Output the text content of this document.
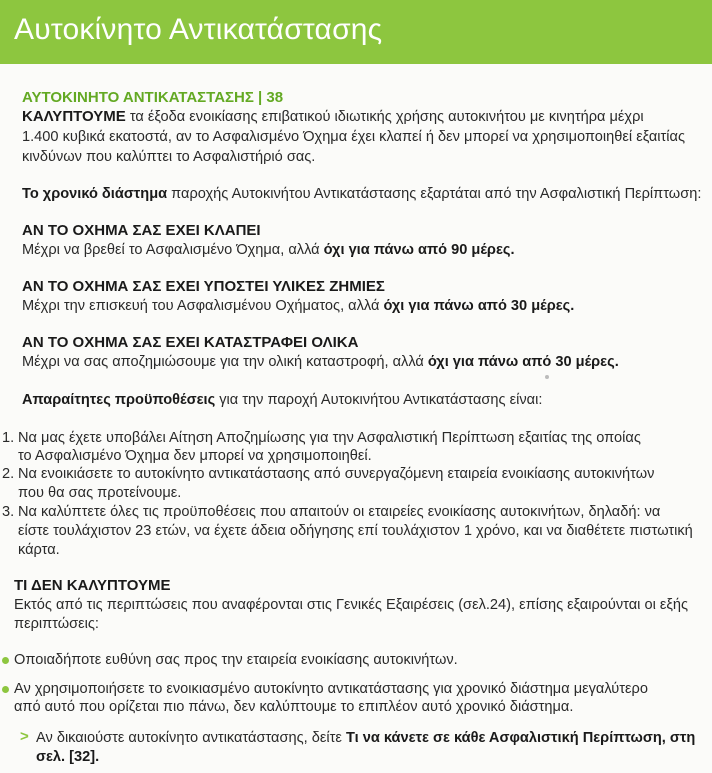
Αυτοκίνητο Αντικατάστασης
ΑΥΤΟΚΙΝΗΤΟ ΑΝΤΙΚΑΤΑΣΤΑΣΗΣ | 38
ΚΑΛΥΠΤΟΥΜΕ τα έξοδα ενοικίασης επιβατικού ιδιωτικής χρήσης αυτοκινήτου με κινητήρα μέχρι
1.400 κυβικά εκατοστά, αν το Ασφαλισμένο Όχημα έχει κλαπεί ή δεν μπορεί να χρησιμοποιηθεί εξαιτίας
κινδύνων που καλύπτει το Ασφαλιστήριό σας.
Το χρονικό διάστημα παροχής Αυτοκινήτου Αντικατάστασης εξαρτάται από την Ασφαλιστική Περίπτωση:
ΑΝ ΤΟ ΟΧΗΜΑ ΣΑΣ ΕΧΕΙ ΚΛΑΠΕΙ
Μέχρι να βρεθεί το Ασφαλισμένο Όχημα, αλλά όχι για πάνω από 90 μέρες.
ΑΝ ΤΟ ΟΧΗΜΑ ΣΑΣ ΕΧΕΙ ΥΠΟΣΤΕΙ ΥΛΙΚΕΣ ΖΗΜΙΕΣ
Μέχρι την επισκευή του Ασφαλισμένου Οχήματος, αλλά όχι για πάνω από 30 μέρες.
ΑΝ ΤΟ ΟΧΗΜΑ ΣΑΣ ΕΧΕΙ ΚΑΤΑΣΤΡΑΦΕΙ ΟΛΙΚΑ
Μέχρι να σας αποζημιώσουμε για την ολική καταστροφή, αλλά όχι για πάνω από 30 μέρες.
Απαραίτητες προϋποθέσεις για την παροχή Αυτοκινήτου Αντικατάστασης είναι:
1. Να μας έχετε υποβάλει Αίτηση Αποζημίωσης για την Ασφαλιστική Περίπτωση εξαιτίας της οποίας
το Ασφαλισμένο Όχημα δεν μπορεί να χρησιμοποιηθεί.
2. Να ενοικιάσετε το αυτοκίνητο αντικατάστασης από συνεργαζόμενη εταιρεία ενοικίασης αυτοκινήτων
που θα σας προτείνουμε.
3. Να καλύπτετε όλες τις προϋποθέσεις που απαιτούν οι εταιρείες ενοικίασης αυτοκινήτων, δηλαδή: να
είστε τουλάχιστον 23 ετών, να έχετε άδεια οδήγησης επί τουλάχιστον 1 χρόνο, και να διαθέτετε πιστωτική
κάρτα.
ΤΙ ΔΕΝ ΚΑΛΥΠΤΟΥΜΕ
Εκτός από τις περιπτώσεις που αναφέρονται στις Γενικές Εξαιρέσεις (σελ.24), επίσης εξαιρούνται οι εξής
περιπτώσεις:
Οποιαδήποτε ευθύνη σας προς την εταιρεία ενοικίασης αυτοκινήτων.
Αν χρησιμοποιήσετε το ενοικιασμένο αυτοκίνητο αντικατάστασης για χρονικό διάστημα μεγαλύτερο
από αυτό που ορίζεται πιο πάνω, δεν καλύπτουμε το επιπλέον αυτό χρονικό διάστημα.
> Αν δικαιούστε αυτοκίνητο αντικατάστασης, δείτε Τι να κάνετε σε κάθε Ασφαλιστική Περίπτωση, στη
σελ. [32].
